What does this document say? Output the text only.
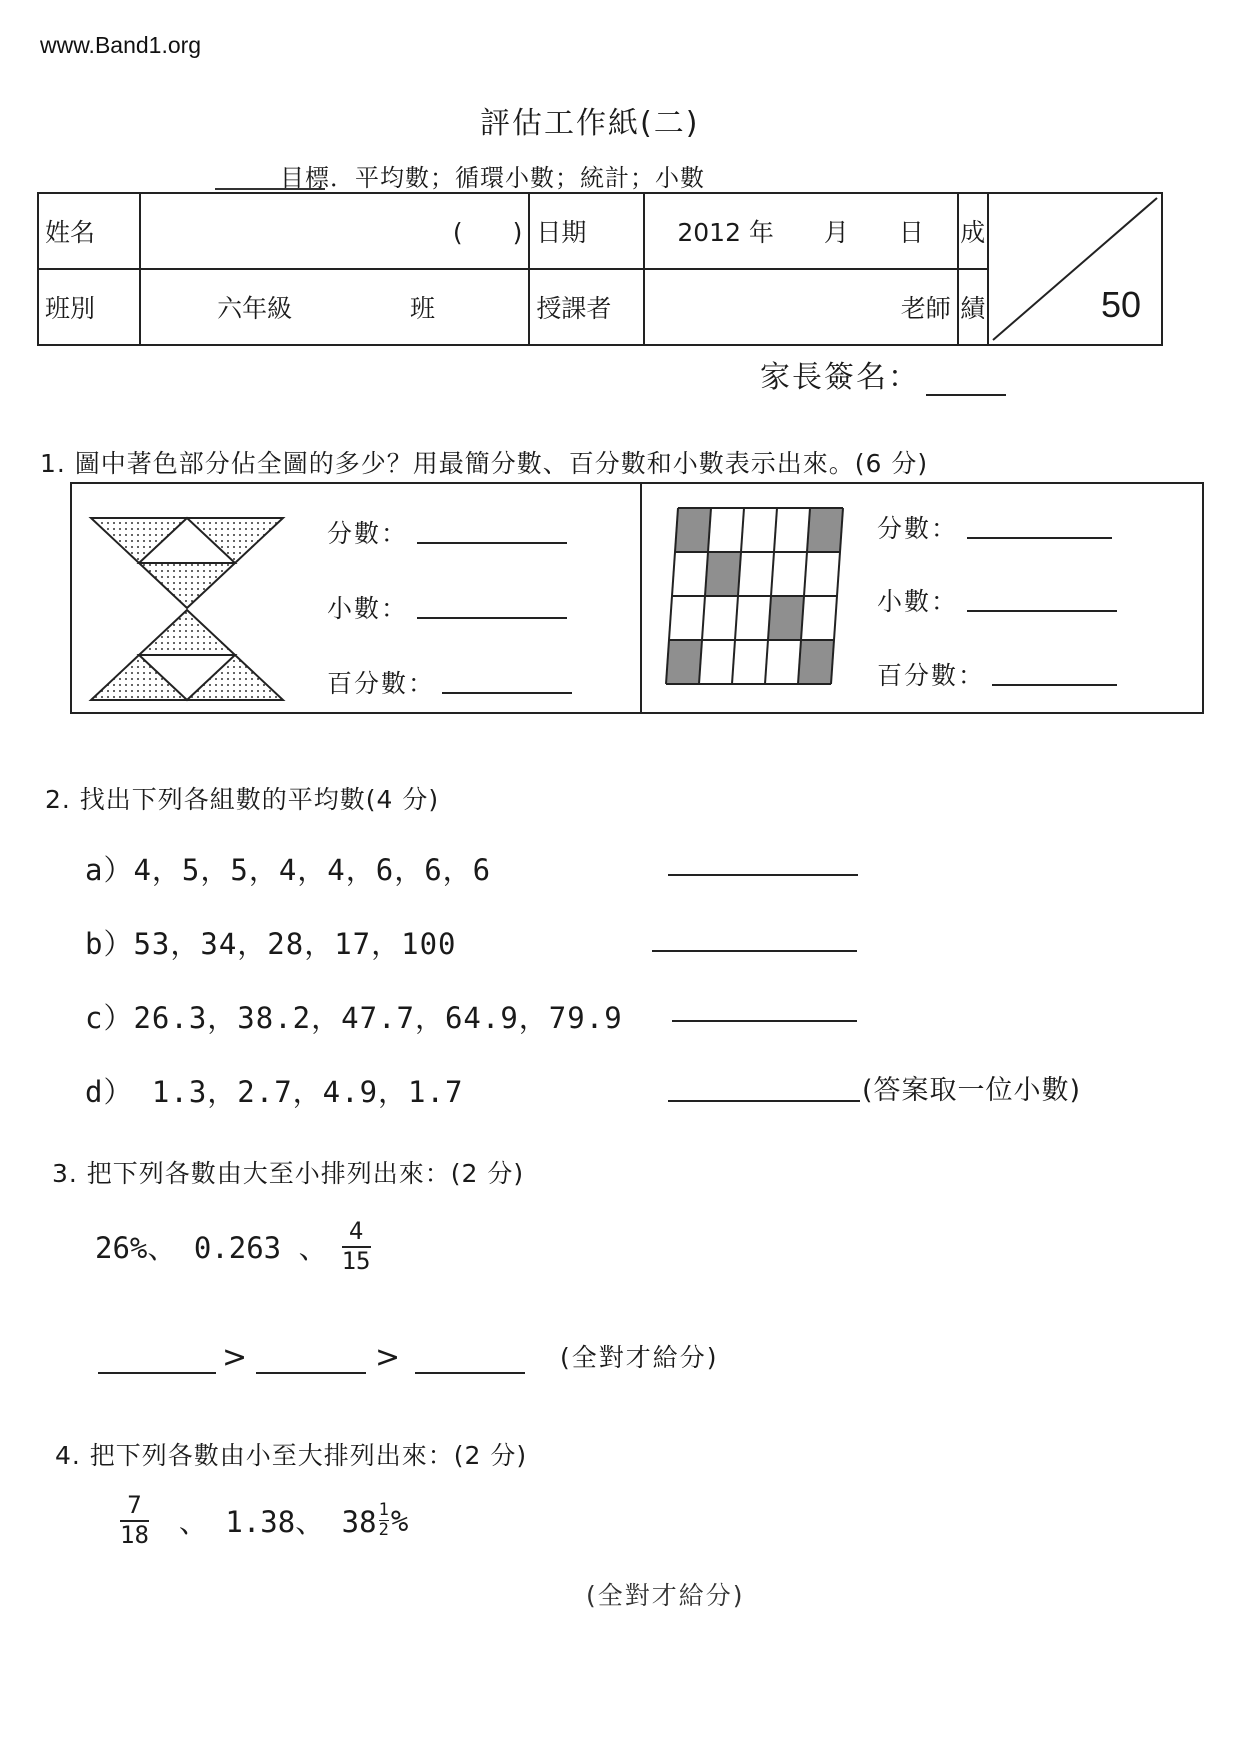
www.Band1.org
評估工作紙(二)
目標．平均數；循環小數；統計；小數
姓名	(　　)	日期	2012 年　　月　　日	成	50

班別	六年級 班	授課者	老師	績	
家長簽名：
1. 圖中著色部分佔全圖的多少？用最簡分數、百分數和小數表示出來。(6 分)
分數：
小數：
百分數：
分數：
小數：
百分數：
2. 找出下列各組數的平均數(4 分)
a）4，5，5，4，4，6，6，6
b）53，34，28，17，100
c）26.3，38.2，47.7，64.9，79.9
d） 1.3，2.7，4.9，1.7	(答案取一位小數)
3. 把下列各數由大至小排列出來：(2 分)
26%、 0.263 、 $\frac{4}{15}$
>	>	(全對才給分)
4. 把下列各數由小至大排列出來：(2 分)
$\frac{7}{18}$ 、 1.38、 38 1
2 %
(全對才給分)
